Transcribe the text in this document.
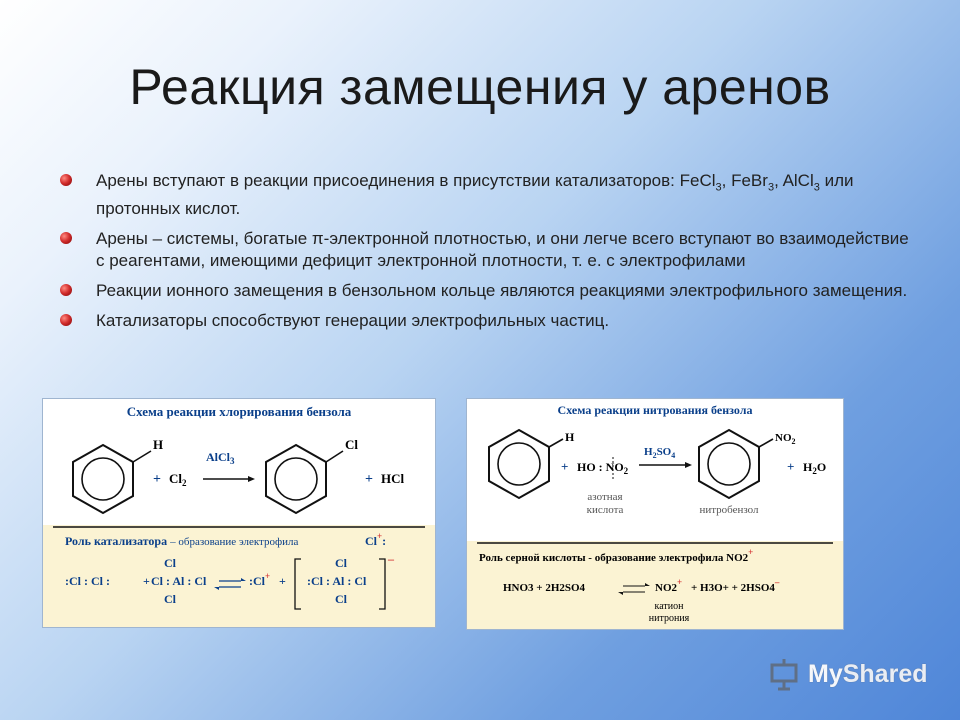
Реакция замещения у аренов
Арены вступают в реакции присоединения в присутствии катализаторов: FeCl$_3$, FeBr$_3$, AlCl$_3$ или протонных кислот.
Арены – системы, богатые π-электронной плотностью, и они легче всего вступают во взаимодействие с реагентами, имеющими дефицит электронной плотности, т. е. с электрофилами
Реакции ионного замещения в бензольном кольце являются реакциями электрофильного замещения.
Катализаторы способствуют генерации электрофильных частиц.
Схема реакции хлорирования бензола
H
+ $Cl_2$
AlCl$_3$
Cl
+ HCl
Роль катализатора – образование электрофила	Cl+:
:Cl : Cl :	+
Cl
Cl : Al : Cl
Cl
:Cl+ +
Cl
:Cl : Al : Cl
Cl
–
Схема реакции нитрования бензола
H
+ HO : $NO_2$
$H_2SO_4$
$NO_2$
+ $H_2O$
азотная
кислота	нитробензол
Роль серной кислоты - образование электрофила NO2+
HNO3 + 2H2SO4	NO2+ + H3O+ + 2HSO4–
катион
нитрония
My Shared
